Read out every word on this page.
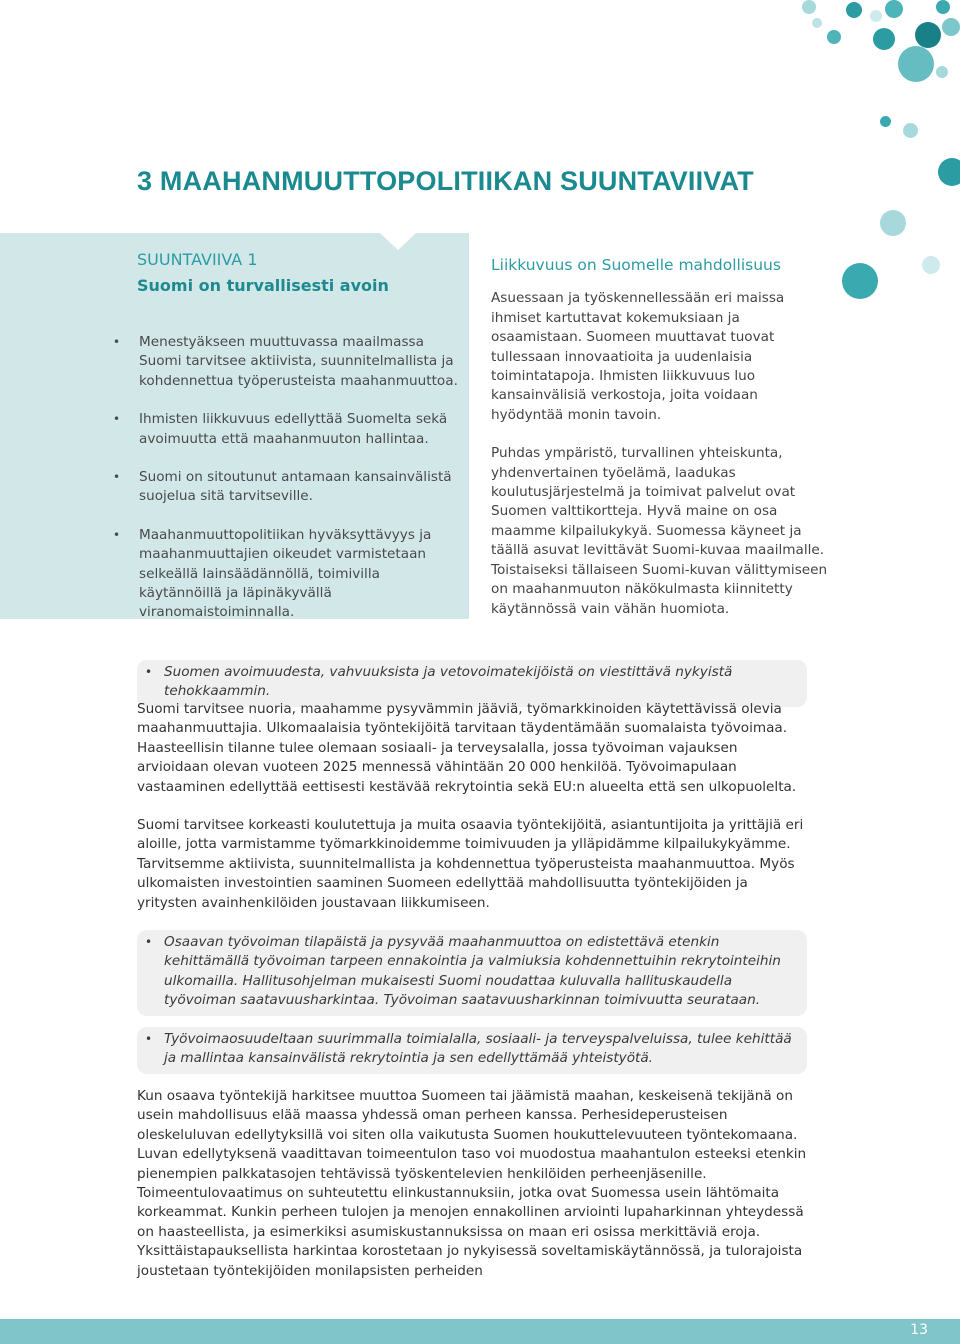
3 MAAHANMUUTTOPOLITIIKAN SUUNTAVIIVAT

SUUNTAVIIVA 1

Suomi on turvallisesti avoin

• Menestyäkseen muuttuvassa maailmassa Suomi tarvitsee aktiivista, suunnitelmallista ja kohdennettua työperusteista maahanmuuttoa.
• Ihmisten liikkuvuus edellyttää Suomelta sekä avoimuutta että maahanmuuton hallintaa.
• Suomi on sitoutunut antamaan kansainvälistä suojelua sitä tarvitseville.
• Maahanmuuttopolitiikan hyväksyttävyys ja maahanmuuttajien oikeudet varmistetaan selkeällä lainsäädännöllä, toimivilla käytännöillä ja läpinäkyvällä viranomaistoiminnalla.
Liikkuvuus on Suomelle mahdollisuus

Asuessaan ja työskennellessään eri maissa ihmiset kartuttavat kokemuksiaan ja osaamistaan. Suomeen muuttavat tuovat tullessaan innovaatioita ja uudenlaisia toimintatapoja. Ihmisten liikkuvuus luo kansainvälisiä verkostoja, joita voidaan hyödyntää monin tavoin.

Puhdas ympäristö, turvallinen yhteiskunta, yhdenvertainen työelämä, laadukas koulutusjärjestelmä ja toimivat palvelut ovat Suomen valttikortteja. Hyvä maine on osa maamme kilpailukykyä. Suomessa käyneet ja täällä asuvat levittävät Suomi-kuvaa maailmalle. Toistaiseksi tällaiseen Suomi-kuvan välittymiseen on maahanmuuton näkökulmasta kiinnitetty käytännössä vain vähän huomiota.

• Suomen avoimuudesta, vahvuuksista ja vetovoimatekijöistä on viestittävä nykyistä tehokkaammin.

Suomi tarvitsee nuoria, maahamme pysyvämmin jääviä, työmarkkinoiden käytettävissä olevia maahanmuuttajia. Ulkomaalaisia työntekijöitä tarvitaan täydentämään suomalaista työvoimaa. Haasteellisin tilanne tulee olemaan sosiaali- ja terveysalalla, jossa työvoiman vajauksen arvioidaan olevan vuoteen 2025 mennessä vähintään 20 000 henkilöä. Työvoimapulaan vastaaminen edellyttää eettisesti kestävää rekrytointia sekä EU:n alueelta että sen ulkopuolelta.

Suomi tarvitsee korkeasti koulutettuja ja muita osaavia työntekijöitä, asiantuntijoita ja yrittäjiä eri aloille, jotta varmistamme työmarkkinoidemme toimivuuden ja ylläpidämme kilpailukykyämme. Tarvitsemme aktiivista, suunnitelmallista ja kohdennettua työperusteista maahanmuuttoa. Myös ulkomaisten investointien saaminen Suomeen edellyttää mahdollisuutta työntekijöiden ja yritysten avainhenkilöiden joustavaan liikkumiseen.

• Osaavan työvoiman tilapäistä ja pysyvää maahanmuuttoa on edistettävä etenkin kehittämällä työvoiman tarpeen ennakointia ja valmiuksia kohdennettuihin rekrytointeihin ulkomailla. Hallitusohjelman mukaisesti Suomi noudattaa kuluvalla hallituskaudella työvoiman saatavuusharkintaa. Työvoiman saatavuusharkinnan toimivuutta seurataan.
• Työvoimaosuudeltaan suurimmalla toimialalla, sosiaali- ja terveyspalveluissa, tulee kehittää ja mallintaa kansainvälistä rekrytointia ja sen edellyttämää yhteistyötä.

Kun osaava työntekijä harkitsee muuttoa Suomeen tai jäämistä maahan, keskeisenä tekijänä on usein mahdollisuus elää maassa yhdessä oman perheen kanssa. Perhesideperusteisen oleskeluluvan edellytyksillä voi siten olla vaikutusta Suomen houkuttelevuuteen työntekomaana. Luvan edellytyksenä vaadittavan toimeentulon taso voi muodostua maahantulon esteeksi etenkin pienempien palkkatasojen tehtävissä työskentelevien henkilöiden perheenjäsenille. Toimeentulovaatimus on suhteutettu elinkustannuksiin, jotka ovat Suomessa usein lähtömaita korkeammat. Kunkin perheen tulojen ja menojen ennakollinen arviointi lupaharkinnan yhteydessä on haasteellista, ja esimerkiksi asumiskustannuksissa on maan eri osissa merkittäviä eroja. Yksittäistapauksellista harkintaa korostetaan jo nykyisessä soveltamiskäytännössä, ja tulorajoista joustetaan työntekijöiden monilapsisten perheiden

13
